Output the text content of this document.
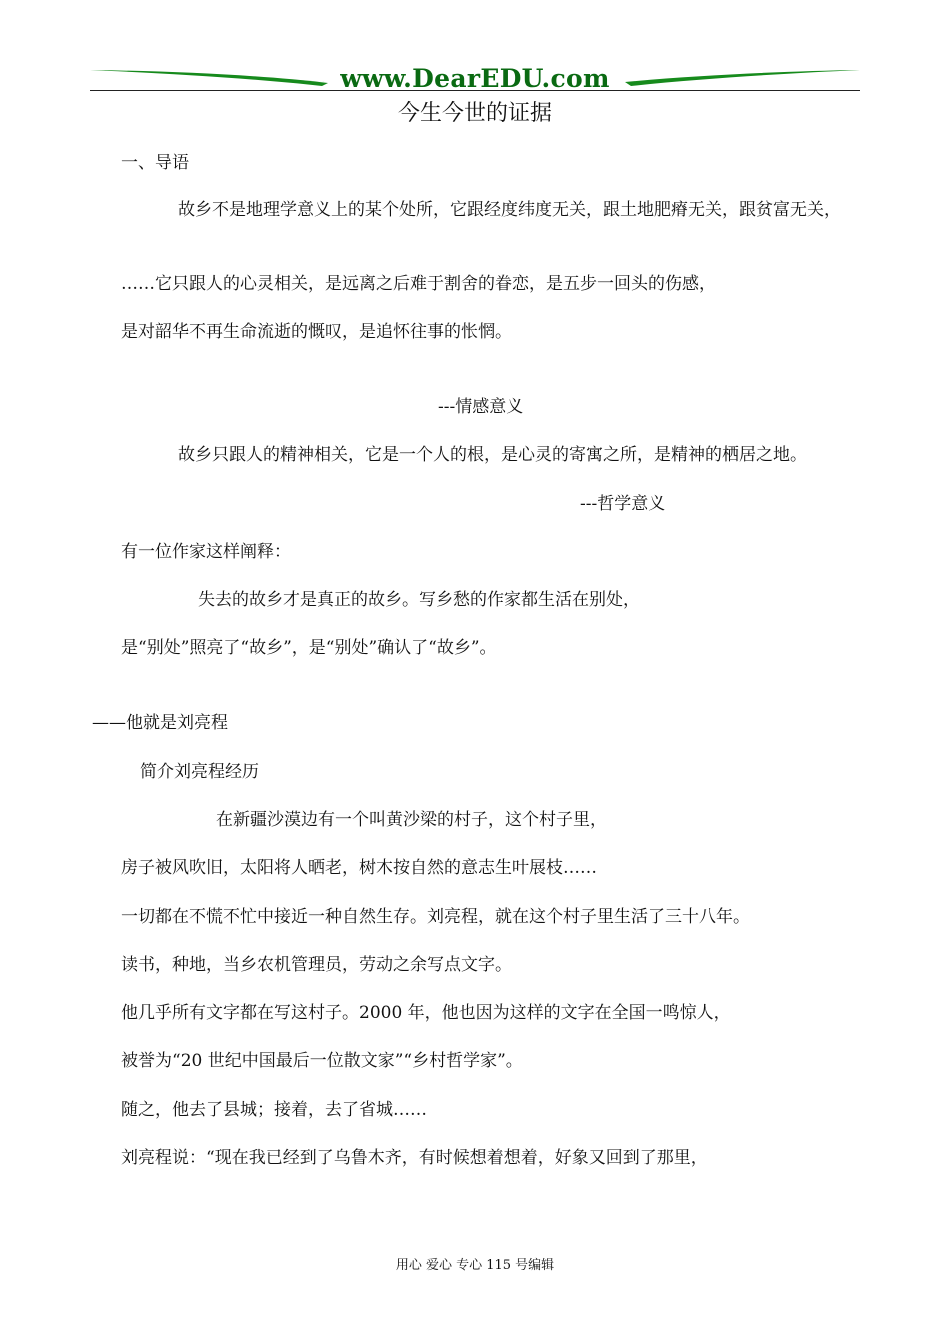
www.DearEDU.com
今生今世的证据
一、导语
故乡不是地理学意义上的某个处所，它跟经度纬度无关，跟土地肥瘠无关，跟贫富无关，
……它只跟人的心灵相关，是远离之后难于割舍的眷恋，是五步一回头的伤感，
是对韶华不再生命流逝的慨叹，是追怀往事的怅惘。
---情感意义
故乡只跟人的精神相关，它是一个人的根，是心灵的寄寓之所，是精神的栖居之地。
---哲学意义
有一位作家这样阐释：
失去的故乡才是真正的故乡。写乡愁的作家都生活在别处，
是“别处”照亮了“故乡”，是“别处”确认了“故乡”。
——他就是刘亮程
简介刘亮程经历
在新疆沙漠边有一个叫黄沙梁的村子，这个村子里，
房子被风吹旧，太阳将人晒老，树木按自然的意志生叶展枝……
一切都在不慌不忙中接近一种自然生存。刘亮程，就在这个村子里生活了三十八年。
读书，种地，当乡农机管理员，劳动之余写点文字。
他几乎所有文字都在写这村子。2000 年，他也因为这样的文字在全国一鸣惊人，
被誉为“20 世纪中国最后一位散文家”“乡村哲学家”。
随之，他去了县城；接着，去了省城……
刘亮程说：“现在我已经到了乌鲁木齐，有时候想着想着，好象又回到了那里，
用心 爱心 专心 115 号编辑
